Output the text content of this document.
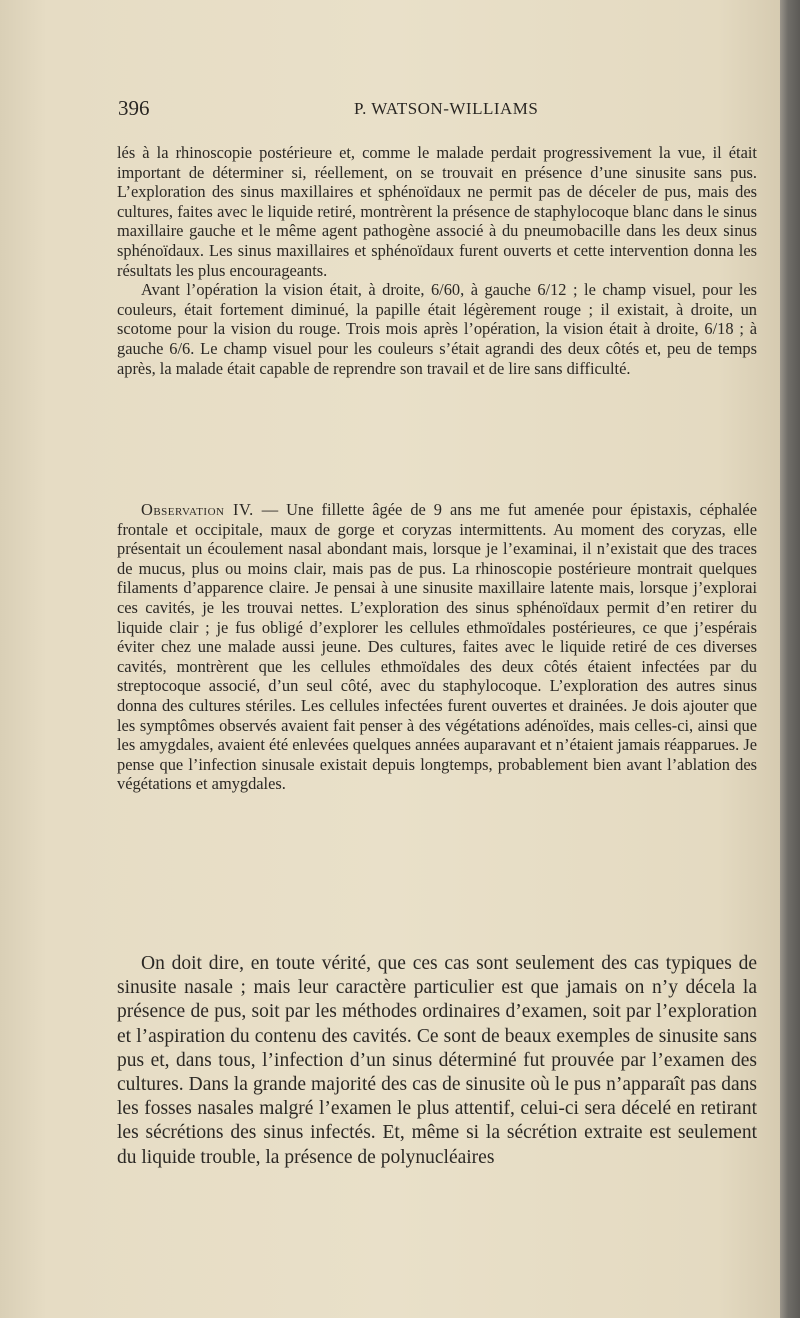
396	P. WATSON-WILLIAMS

lés à la rhinoscopie postérieure et, comme le malade perdait progressivement la vue, il était important de déterminer si, réellement, on se trouvait en présence d’une sinusite sans pus. L’exploration des sinus maxillaires et sphénoïdaux ne permit pas de déceler de pus, mais des cultures, faites avec le liquide retiré, montrèrent la présence de staphylocoque blanc dans le sinus maxillaire gauche et le même agent pathogène associé à du pneumobacille dans les deux sinus sphénoïdaux. Les sinus maxillaires et sphénoïdaux furent ouverts et cette intervention donna les résultats les plus encourageants.

Avant l’opération la vision était, à droite, 6/60, à gauche 6/12 ; le champ visuel, pour les couleurs, était fortement diminué, la papille était légèrement rouge ; il existait, à droite, un scotome pour la vision du rouge. Trois mois après l’opération, la vision était à droite, 6/18 ; à gauche 6/6. Le champ visuel pour les couleurs s’était agrandi des deux côtés et, peu de temps après, la malade était capable de reprendre son travail et de lire sans difficulté.

Observation IV. — Une fillette âgée de 9 ans me fut amenée pour épistaxis, céphalée frontale et occipitale, maux de gorge et coryzas intermittents. Au moment des coryzas, elle présentait un écoulement nasal abondant mais, lorsque je l’examinai, il n’existait que des traces de mucus, plus ou moins clair, mais pas de pus. La rhinoscopie postérieure montrait quelques filaments d’apparence claire. Je pensai à une sinusite maxillaire latente mais, lorsque j’explorai ces cavités, je les trouvai nettes. L’exploration des sinus sphénoïdaux permit d’en retirer du liquide clair ; je fus obligé d’explorer les cellules ethmoïdales postérieures, ce que j’espérais éviter chez une malade aussi jeune. Des cultures, faites avec le liquide retiré de ces diverses cavités, montrèrent que les cellules ethmoïdales des deux côtés étaient infectées par du streptocoque associé, d’un seul côté, avec du staphylocoque. L’exploration des autres sinus donna des cultures stériles. Les cellules infectées furent ouvertes et drainées. Je dois ajouter que les symptômes observés avaient fait penser à des végétations adénoïdes, mais celles-ci, ainsi que les amygdales, avaient été enlevées quelques années auparavant et n’étaient jamais réapparues. Je pense que l’infection sinusale existait depuis longtemps, probablement bien avant l’ablation des végétations et amygdales.

On doit dire, en toute vérité, que ces cas sont seulement des cas typiques de sinusite nasale ; mais leur caractère particulier est que jamais on n’y décela la présence de pus, soit par les méthodes ordinaires d’examen, soit par l’exploration et l’aspiration du contenu des cavités. Ce sont de beaux exemples de sinusite sans pus et, dans tous, l’infection d’un sinus déterminé fut prouvée par l’examen des cultures. Dans la grande majorité des cas de sinusite où le pus n’apparaît pas dans les fosses nasales malgré l’examen le plus attentif, celui-ci sera décelé en retirant les sécrétions des sinus infectés. Et, même si la sécrétion extraite est seulement du liquide trouble, la présence de polynucléaires
